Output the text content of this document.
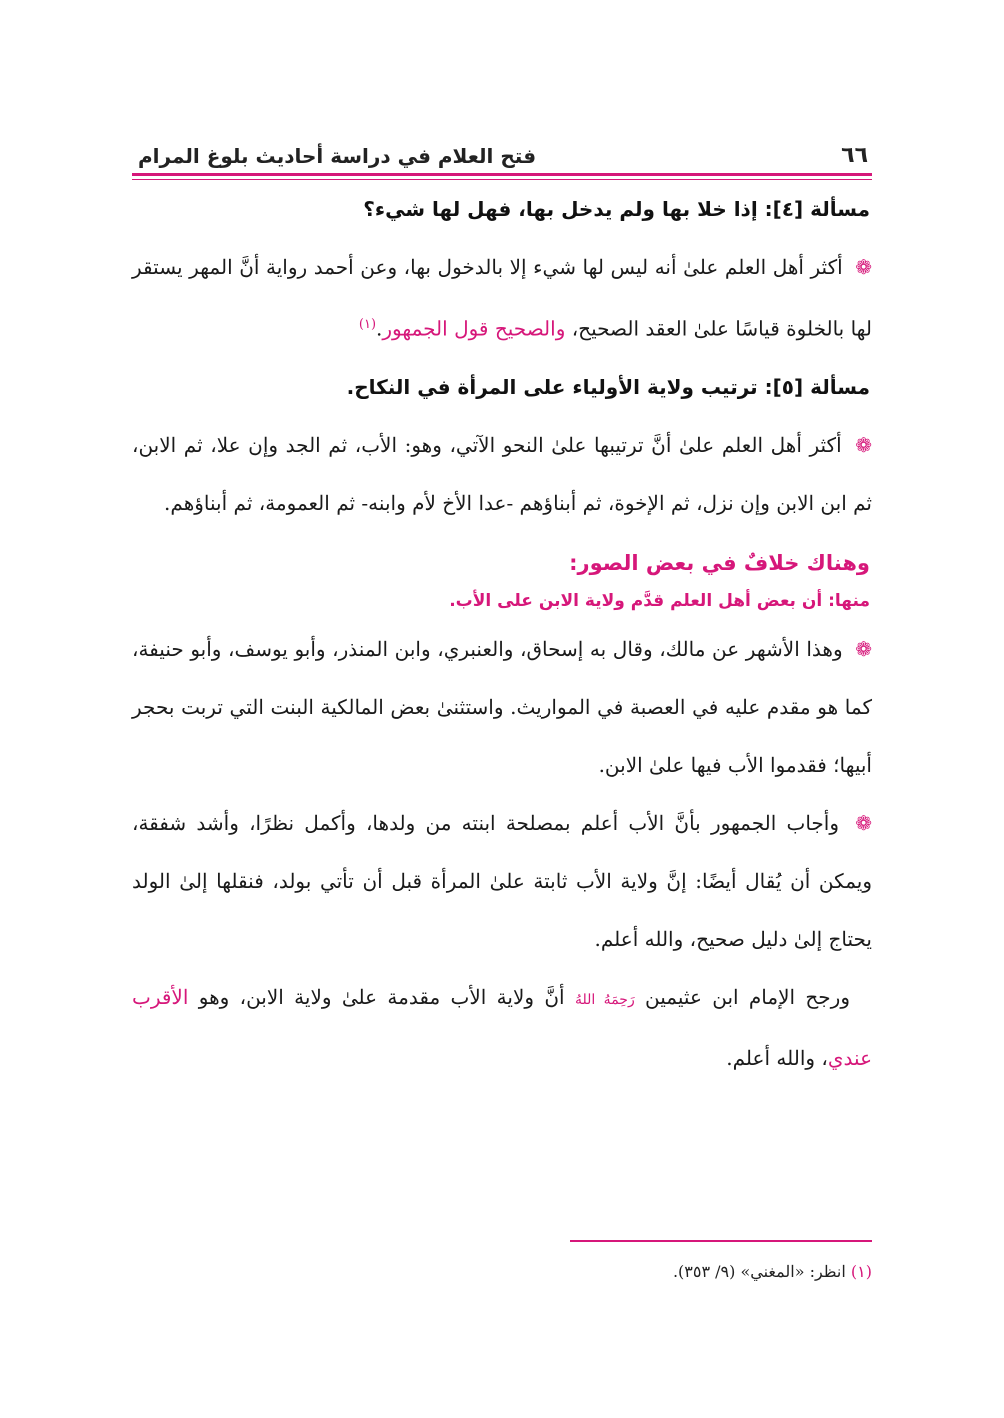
٦٦
فتح العلام في دراسة أحاديث بلوغ المرام
مسألة [٤]: إذا خلا بها ولم يدخل بها، فهل لها شيء؟

❁ أكثر أهل العلم علىٰ أنه ليس لها شيء إلا بالدخول بها، وعن أحمد رواية أنَّ المهر يستقر لها بالخلوة قياسًا علىٰ العقد الصحيح، والصحيح قول الجمهور.$^{(١)}$

مسألة [٥]: ترتيب ولاية الأولياء على المرأة في النكاح.

❁ أكثر أهل العلم علىٰ أنَّ ترتيبها علىٰ النحو الآتي، وهو: الأب، ثم الجد وإن علا، ثم الابن، ثم ابن الابن وإن نزل، ثم الإخوة، ثم أبناؤهم -عدا الأخ لأم وابنه- ثم العمومة، ثم أبناؤهم.

وهناك خلافٌ في بعض الصور:
منها: أن بعض أهل العلم قدَّم ولاية الابن على الأب.

❁ وهذا الأشهر عن مالك، وقال به إسحاق، والعنبري، وابن المنذر، وأبو يوسف، وأبو حنيفة، كما هو مقدم عليه في العصبة في المواريث. واستثنىٰ بعض المالكية البنت التي تربت بحجر أبيها؛ فقدموا الأب فيها علىٰ الابن.

❁ وأجاب الجمهور بأنَّ الأب أعلم بمصلحة ابنته من ولدها، وأكمل نظرًا، وأشد شفقة، ويمكن أن يُقال أيضًا: إنَّ ولاية الأب ثابتة علىٰ المرأة قبل أن تأتي بولد، فنقلها إلىٰ الولد يحتاج إلىٰ دليل صحيح، والله أعلم.

ورجح الإمام ابن عثيمين رَحِمَهُ اللهُ أنَّ ولاية الأب مقدمة علىٰ ولاية الابن، وهو الأقرب عندي، والله أعلم.

(١) انظر: «المغني» (٩/ ٣٥٣).
